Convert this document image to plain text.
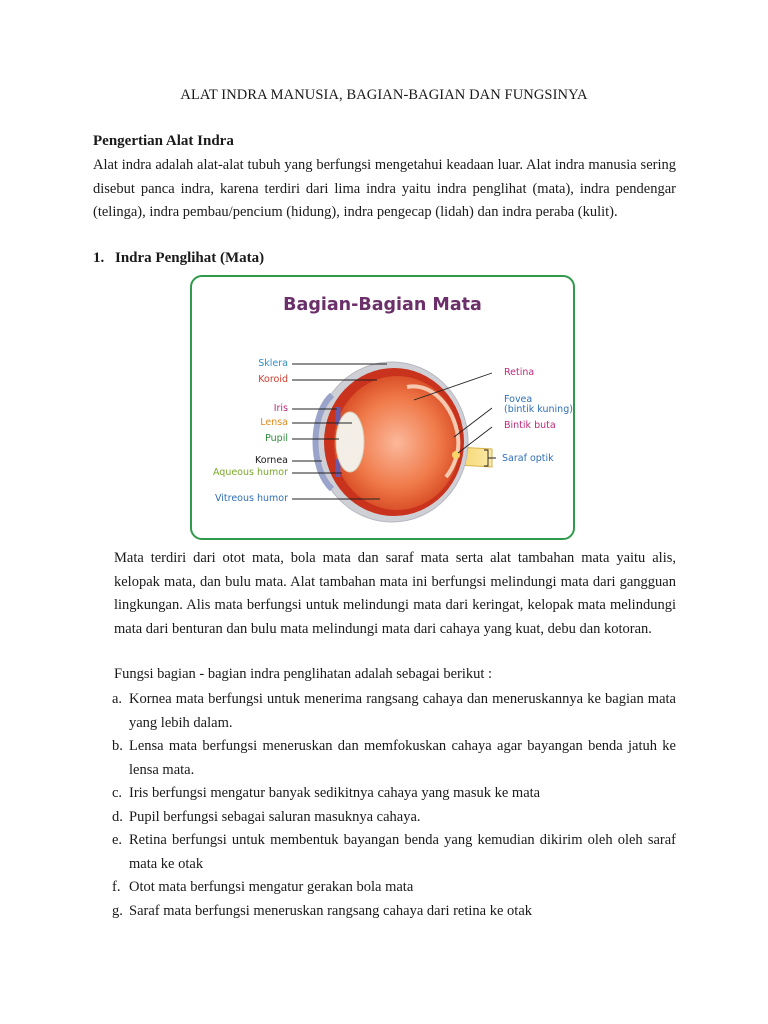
ALAT INDRA MANUSIA, BAGIAN-BAGIAN DAN FUNGSINYA
Pengertian Alat Indra
Alat indra adalah alat-alat tubuh yang berfungsi mengetahui keadaan luar. Alat indra manusia sering disebut panca indra, karena terdiri dari lima indra yaitu indra penglihat (mata), indra pendengar (telinga), indra pembau/pencium (hidung), indra pengecap (lidah) dan indra peraba (kulit).
1. Indra Penglihat (Mata)
Bagian-Bagian Mata
Sklera
Koroid
Iris
Lensa
Pupil
Kornea
Aqueous humor
Vitreous humor
Retina
Fovea
(bintik kuning)
Bintik buta
Saraf optik
Mata terdiri dari otot mata, bola mata dan saraf mata serta alat tambahan mata yaitu alis, kelopak mata, dan bulu mata. Alat tambahan mata ini berfungsi melindungi mata dari gangguan lingkungan. Alis mata berfungsi untuk melindungi mata dari keringat, kelopak mata melindungi mata dari benturan dan bulu mata melindungi mata dari cahaya yang kuat, debu dan kotoran.
Fungsi bagian - bagian indra penglihatan adalah sebagai berikut :
a. Kornea mata berfungsi untuk menerima rangsang cahaya dan meneruskannya ke bagian mata yang lebih dalam.
b. Lensa mata berfungsi meneruskan dan memfokuskan cahaya agar bayangan benda jatuh ke lensa mata.
c. Iris berfungsi mengatur banyak sedikitnya cahaya yang masuk ke mata
d. Pupil berfungsi sebagai saluran masuknya cahaya.
e. Retina berfungsi untuk membentuk bayangan benda yang kemudian dikirim oleh oleh saraf mata ke otak
f. Otot mata berfungsi mengatur gerakan bola mata
g. Saraf mata berfungsi meneruskan rangsang cahaya dari retina ke otak
